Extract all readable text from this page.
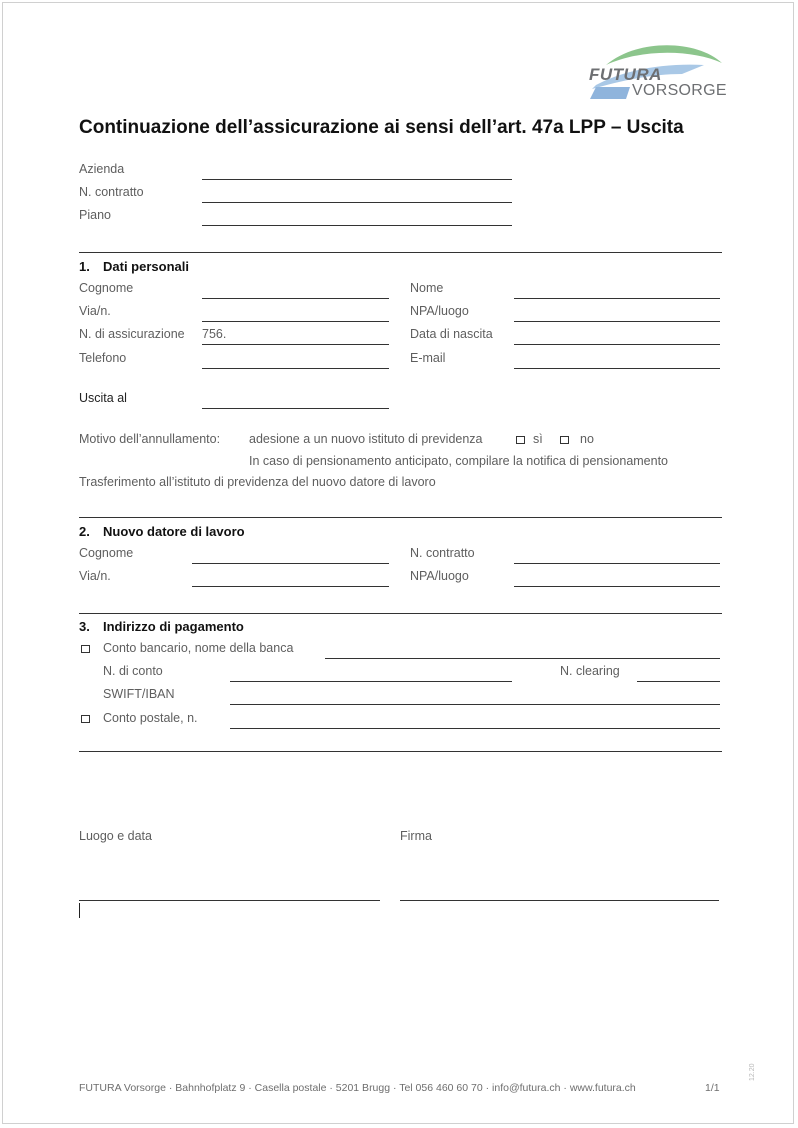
FUTURA
VORSORGE
Continuazione dell’assicurazione ai sensi dell’art. 47a LPP – Uscita
Azienda
N. contratto
Piano
1. Dati personali
Cognome	Nome
Via/n.	NPA/luogo
N. di assicurazione 756.	Data di nascita
Telefono	E-mail
Uscita al
Motivo dell’annullamento: adesione a un nuovo istituto di previdenza	sì	no
In caso di pensionamento anticipato, compilare la notifica di pensionamento
Trasferimento all’istituto di previdenza del nuovo datore di lavoro
2. Nuovo datore di lavoro
Cognome	N. contratto
Via/n.	NPA/luogo
3. Indirizzo di pagamento
Conto bancario, nome della banca
N. di conto	N. clearing
SWIFT/IBAN
Conto postale, n.
Luogo e data	Firma
FUTURA Vorsorge · Bahnhofplatz 9 · Casella postale · 5201 Brugg · Tel 056 460 60 70 · info@futura.ch · www.futura.ch	1/1
12.20
